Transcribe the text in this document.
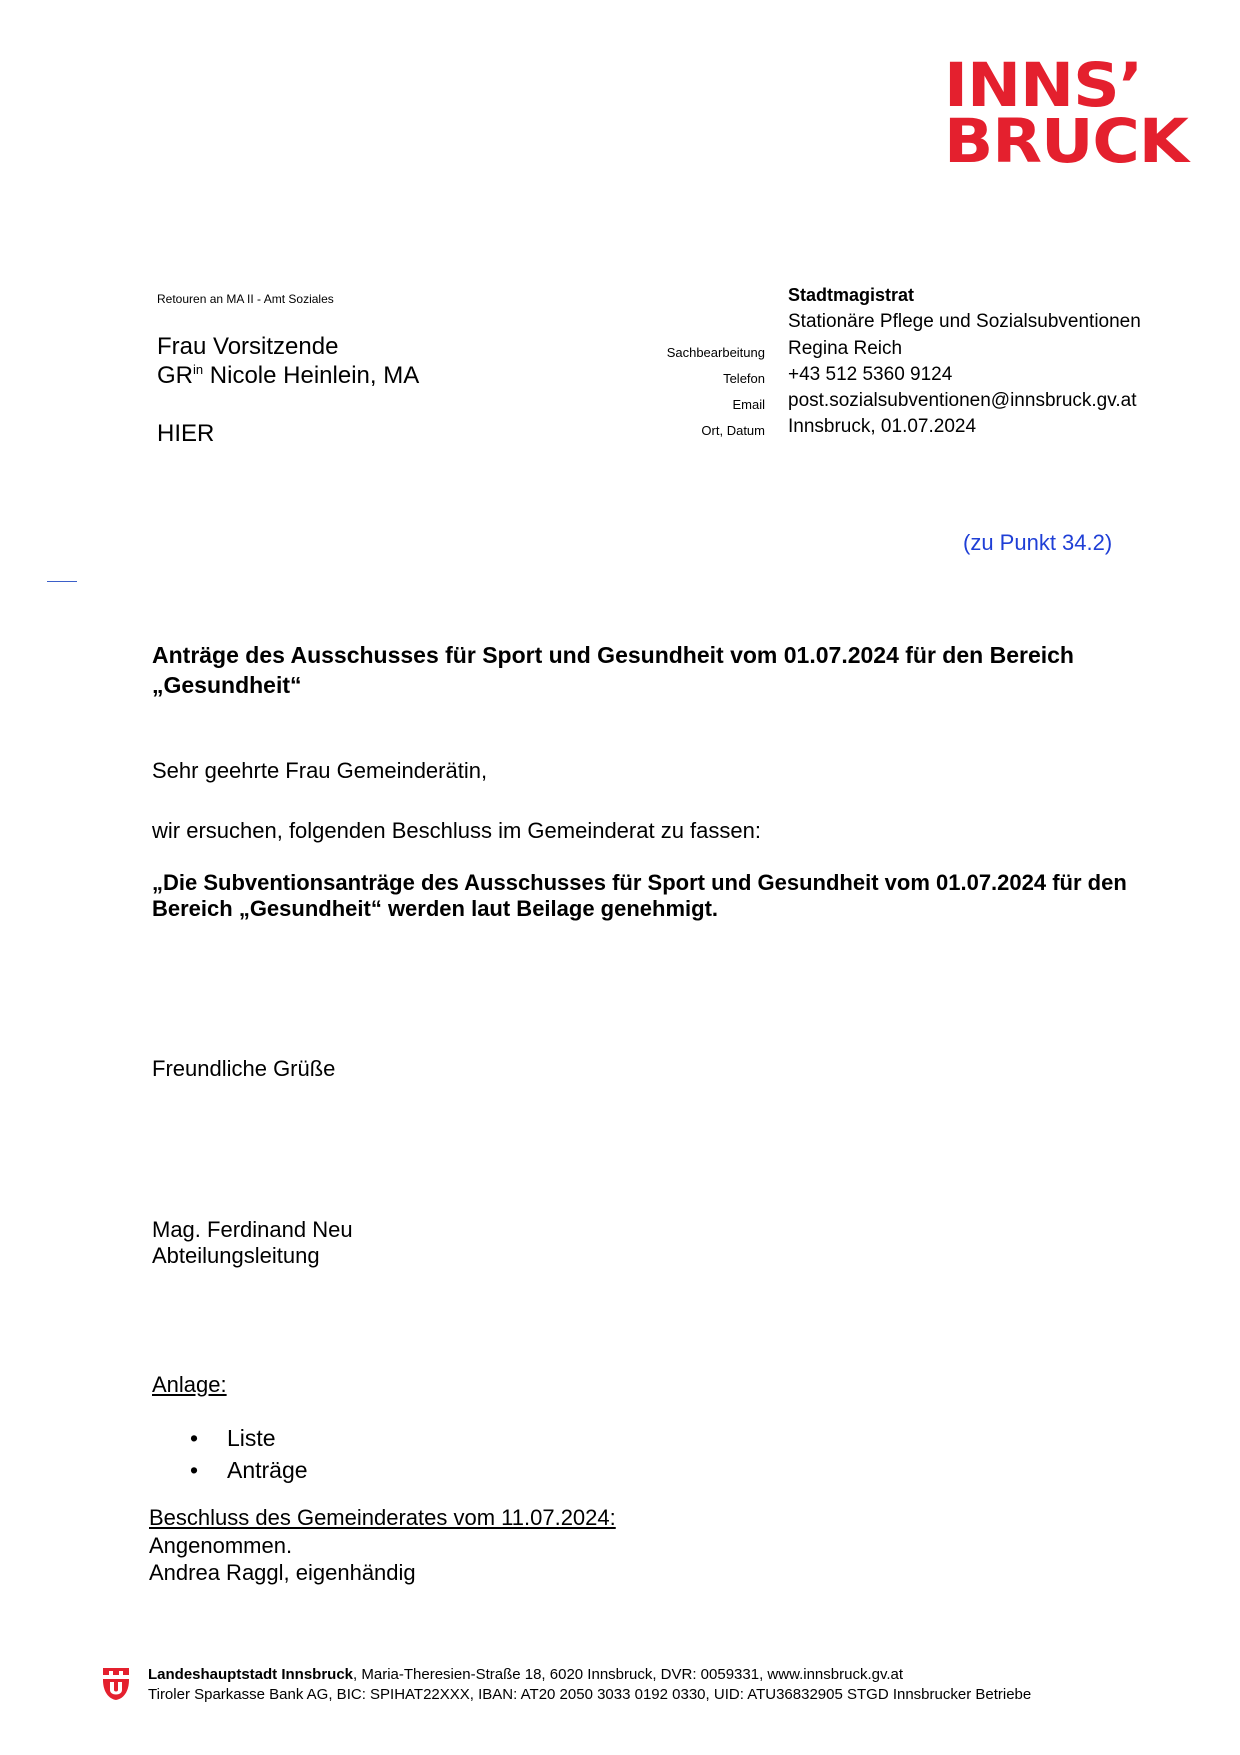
INNS’
BRUCK
Retouren an MA II - Amt Soziales
Frau Vorsitzende
$GR^{in}$ Nicole Heinlein, MA
HIER
Stadtmagistrat
Stationäre Pflege und Sozialsubventionen
Sachbearbeitung Regina Reich
Telefon +43 512 5360 9124
Email post.sozialsubventionen@innsbruck.gv.at
Ort, Datum Innsbruck, 01.07.2024
(zu Punkt 34.2)
Anträge des Ausschusses für Sport und Gesundheit vom 01.07.2024 für den Bereich „Gesundheit“
Sehr geehrte Frau Gemeinderätin,
wir ersuchen, folgenden Beschluss im Gemeinderat zu fassen:
„Die Subventionsanträge des Ausschusses für Sport und Gesundheit vom 01.07.2024 für den Bereich „Gesundheit“ werden laut Beilage genehmigt.
Freundliche Grüße
Mag. Ferdinand Neu
Abteilungsleitung
Anlage:
• Liste
• Anträge
Beschluss des Gemeinderates vom 11.07.2024:
Angenommen.
Andrea Raggl, eigenhändig
Landeshauptstadt Innsbruck, Maria-Theresien-Straße 18, 6020 Innsbruck, DVR: 0059331, www.innsbruck.gv.at
Tiroler Sparkasse Bank AG, BIC: SPIHAT22XXX, IBAN: AT20 2050 3033 0192 0330, UID: ATU36832905 STGD Innsbrucker Betriebe
